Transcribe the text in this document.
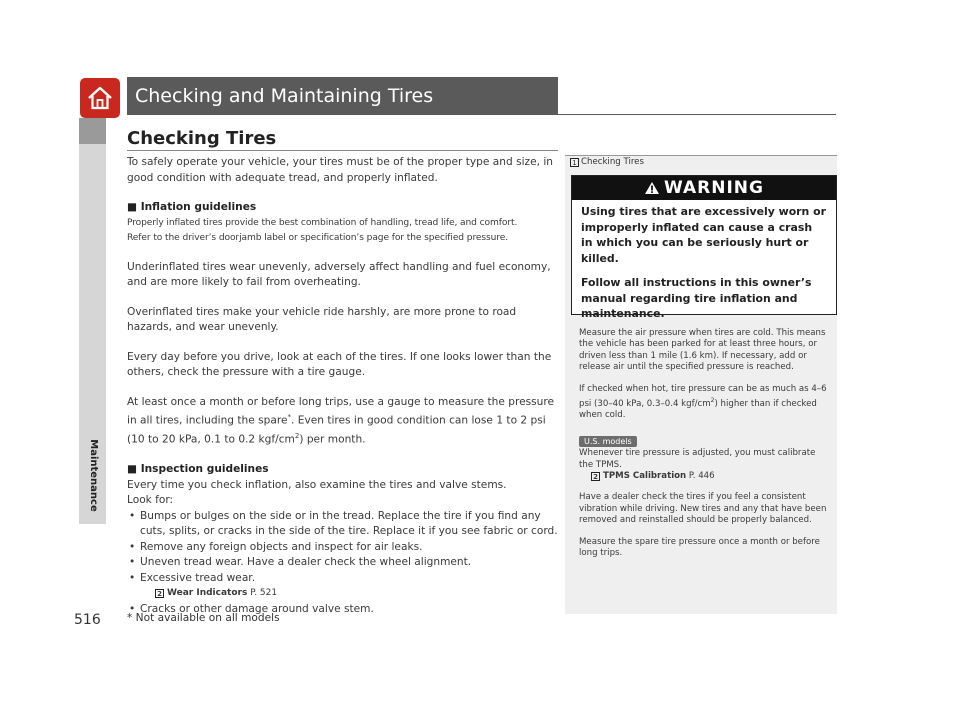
Maintenance
516
Checking and Maintaining Tires
Checking Tires

To safely operate your vehicle, your tires must be of the proper type and size, in good condition with adequate tread, and properly inflated.

■ Inflation guidelines

Properly inflated tires provide the best combination of handling, tread life, and comfort.

Refer to the driver’s doorjamb label or specification’s page for the specified pressure.

Underinflated tires wear unevenly, adversely affect handling and fuel economy, and are more likely to fail from overheating.

Overinflated tires make your vehicle ride harshly, are more prone to road hazards, and wear unevenly.

Every day before you drive, look at each of the tires. If one looks lower than the others, check the pressure with a tire gauge.

At least once a month or before long trips, use a gauge to measure the pressure in all tires, including the spare*. Even tires in good condition can lose 1 to 2 psi (10 to 20 kPa, 0.1 to 0.2 kgf/$cm^2$) per month.

■ Inspection guidelines

Every time you check inflation, also examine the tires and valve stems.

Look for:

• Bumps or bulges on the side or in the tread. Replace the tire if you find any cuts, splits, or cracks in the side of the tire. Replace it if you see fabric or cord.
• Remove any foreign objects and inspect for air leaks.
• Uneven tread wear. Have a dealer check the wheel alignment.
• Excessive tread wear.

2 Wear Indicators P. 521

• Cracks or other damage around valve stem.
* Not available on all models
1 Checking Tires
WARNING

Using tires that are excessively worn or improperly inflated can cause a crash in which you can be seriously hurt or killed.

Follow all instructions in this owner’s manual regarding tire inflation and maintenance.

Measure the air pressure when tires are cold. This means the vehicle has been parked for at least three hours, or driven less than 1 mile (1.6 km). If necessary, add or release air until the specified pressure is reached.

If checked when hot, tire pressure can be as much as 4–6 psi (30–40 kPa, 0.3–0.4 kgf/$cm^2$) higher than if checked when cold.

U.S. models

Whenever tire pressure is adjusted, you must calibrate the TPMS.

2 TPMS Calibration P. 446

Have a dealer check the tires if you feel a consistent vibration while driving. New tires and any that have been removed and reinstalled should be properly balanced.

Measure the spare tire pressure once a month or before long trips.
